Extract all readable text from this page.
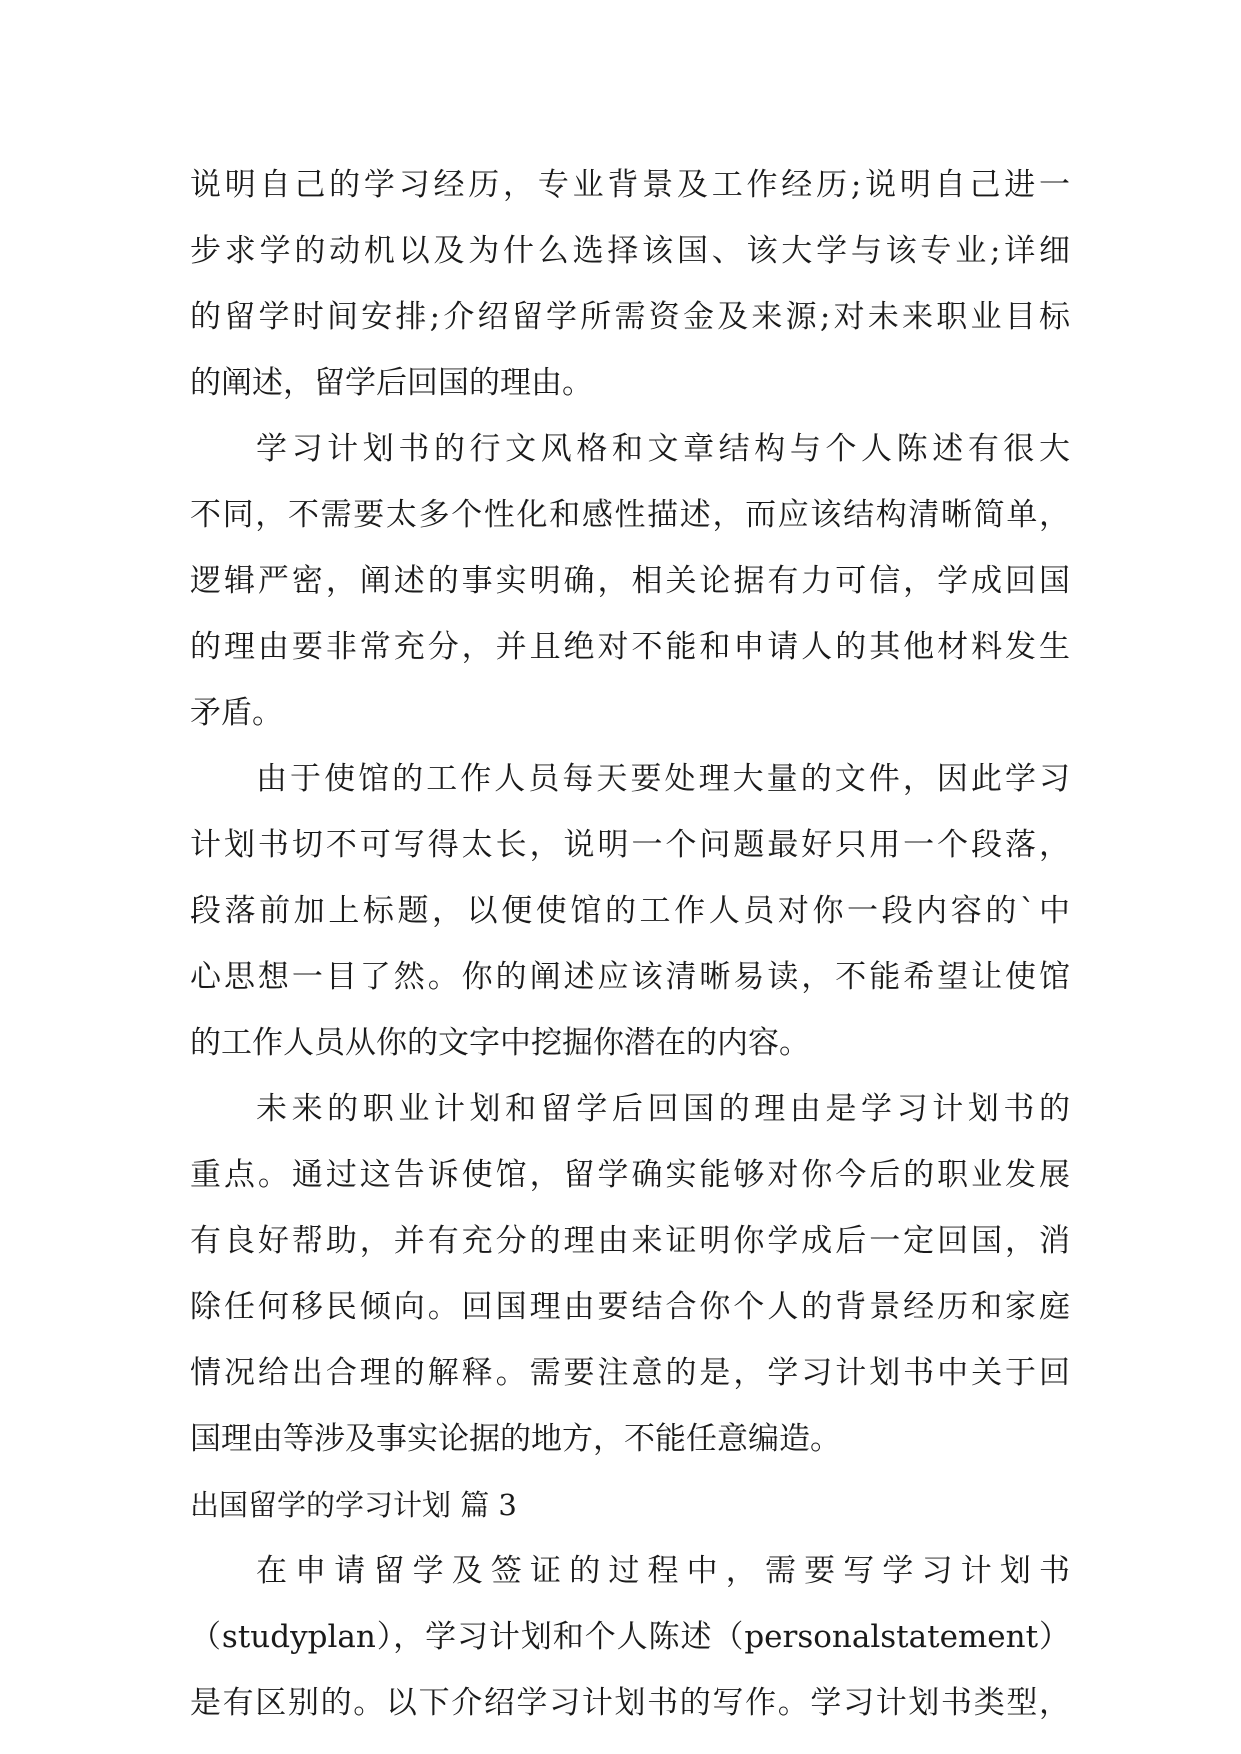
说明自己的学习经历，专业背景及工作经历;说明自己进一
步求学的动机以及为什么选择该国、该大学与该专业;详细
的留学时间安排;介绍留学所需资金及来源;对未来职业目标
的阐述，留学后回国的理由。
学习计划书的行文风格和文章结构与个人陈述有很大
不同，不需要太多个性化和感性描述，而应该结构清晰简单，
逻辑严密，阐述的事实明确，相关论据有力可信，学成回国
的理由要非常充分，并且绝对不能和申请人的其他材料发生
矛盾。
由于使馆的工作人员每天要处理大量的文件，因此学习
计划书切不可写得太长，说明一个问题最好只用一个段落，
段落前加上标题，以便使馆的工作人员对你一段内容的`中
心思想一目了然。你的阐述应该清晰易读，不能希望让使馆
的工作人员从你的文字中挖掘你潜在的内容。
未来的职业计划和留学后回国的理由是学习计划书的
重点。通过这告诉使馆，留学确实能够对你今后的职业发展
有良好帮助，并有充分的理由来证明你学成后一定回国，消
除任何移民倾向。回国理由要结合你个人的背景经历和家庭
情况给出合理的解释。需要注意的是，学习计划书中关于回
国理由等涉及事实论据的地方，不能任意编造。
出国留学的学习计划 篇 3
在申请留学及签证的过程中，需要写学习计划书
（studyplan），学习计划和个人陈述（personalstatement）
是有区别的。以下介绍学习计划书的写作。学习计划书类型，
